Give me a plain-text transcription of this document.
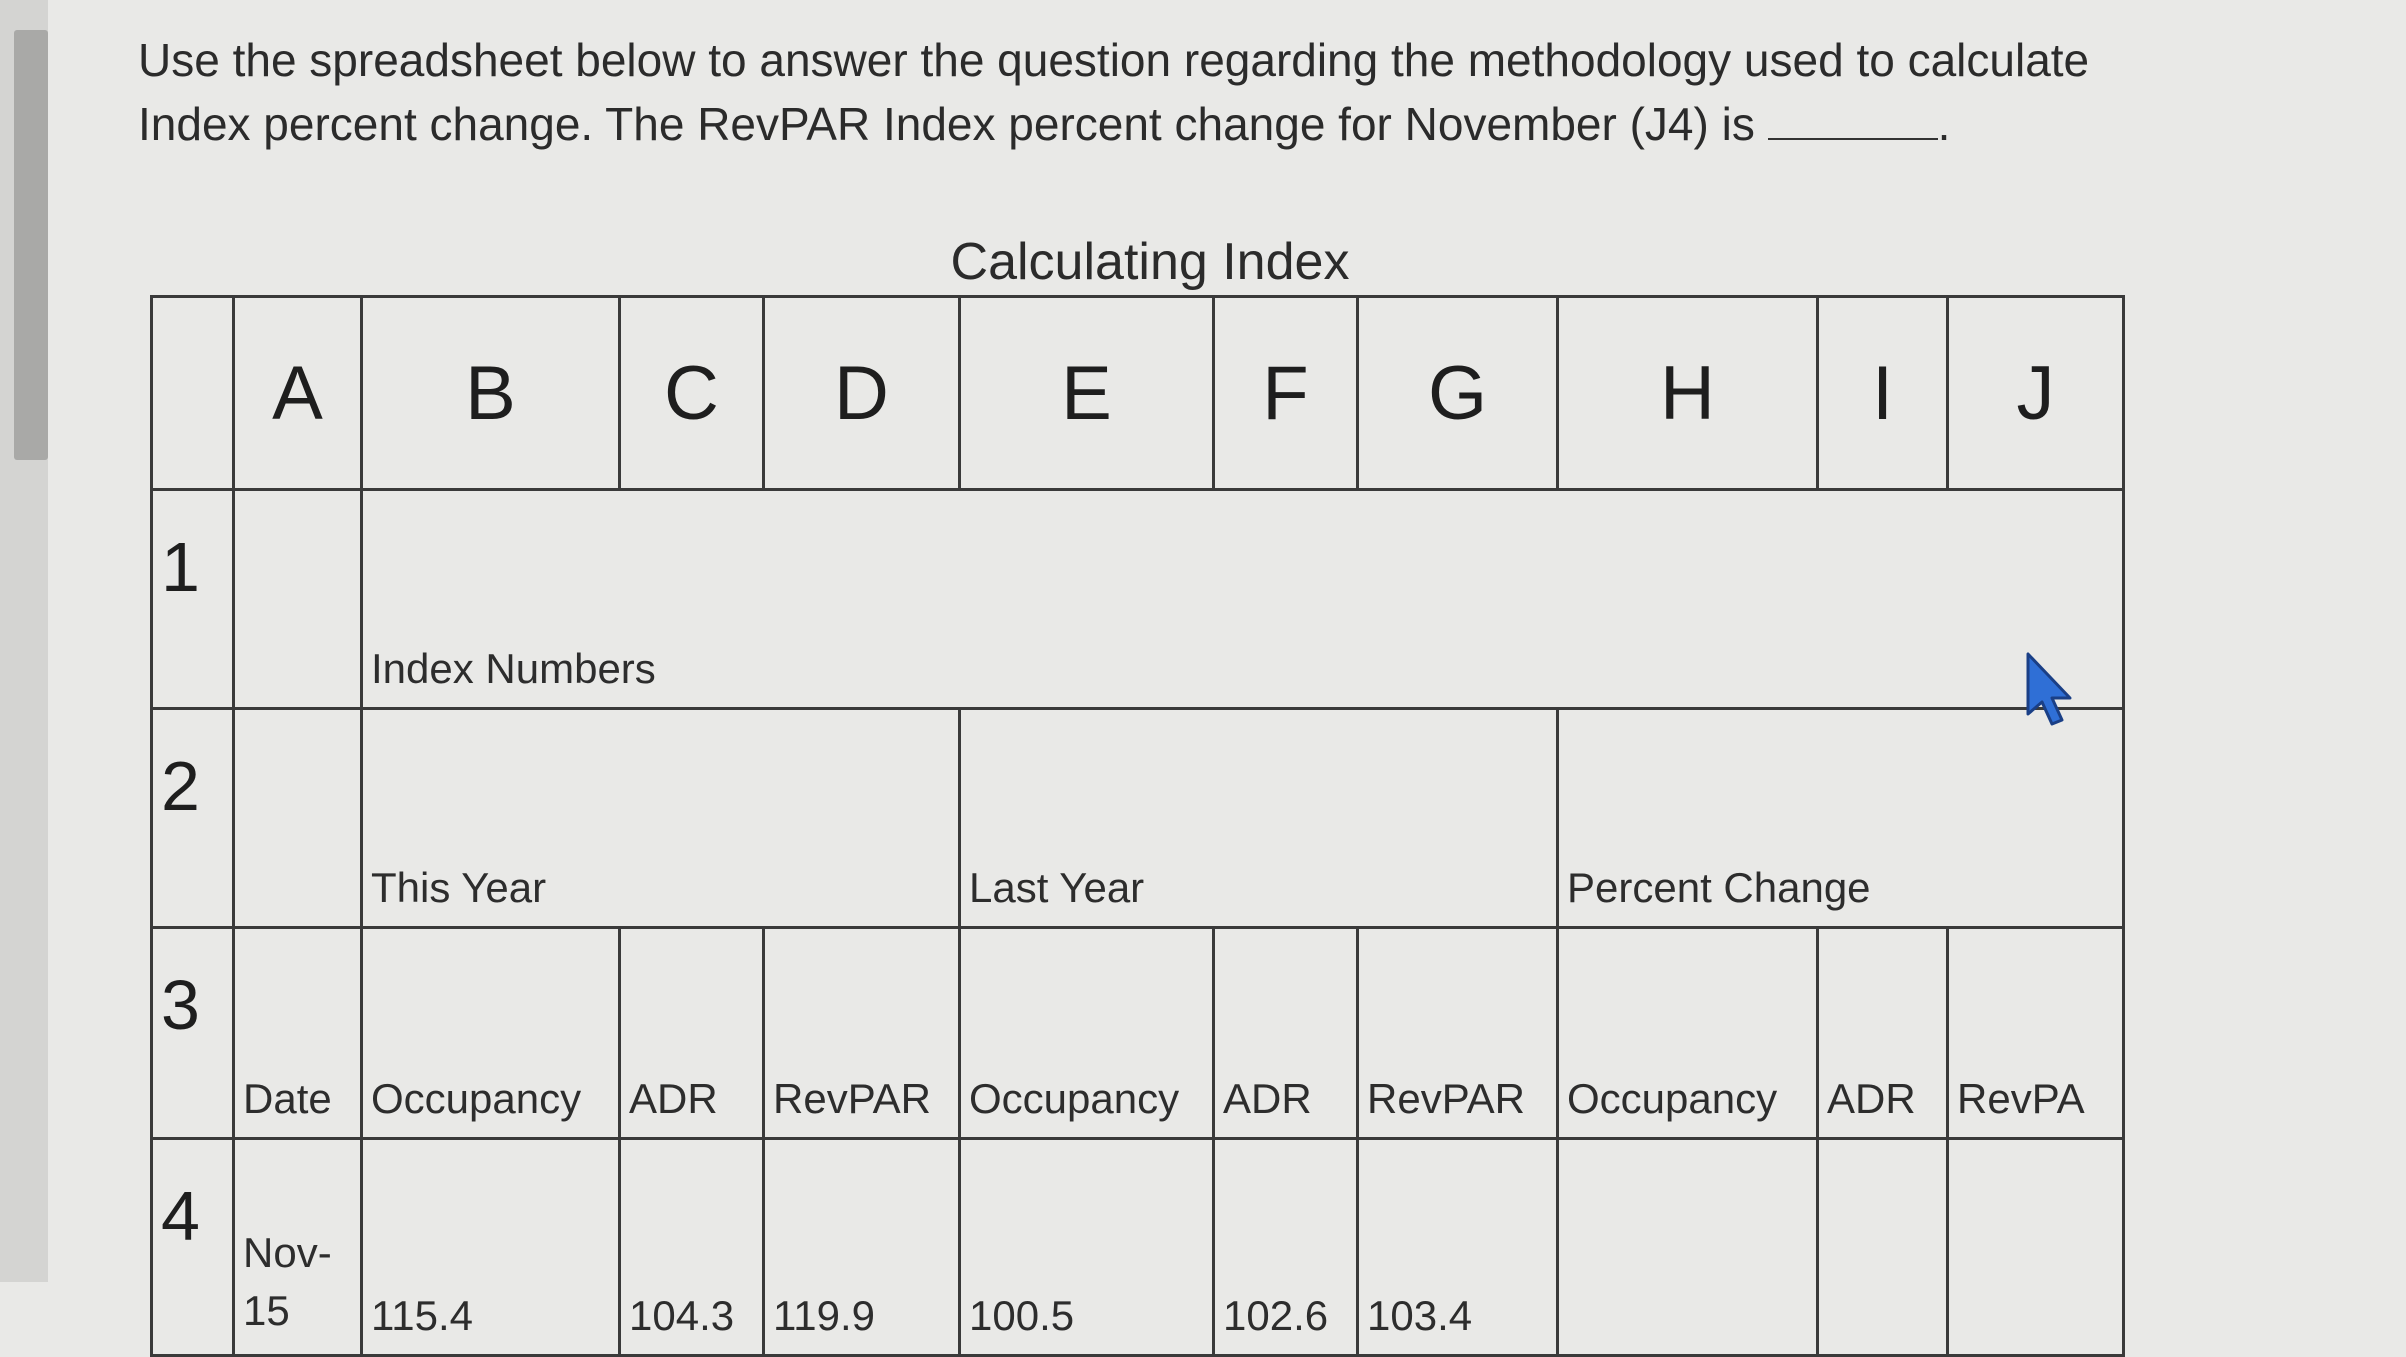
Use the spreadsheet below to answer the question regarding the methodology used to calculate Index percent change. The RevPAR Index percent change for November (J4) is	.
Calculating Index
	A	B	C	D	E	F	G	H	I	J
1		Index Numbers								
2		This Year			Last Year			Percent Change		
3	Date	Occupancy	ADR	RevPAR	Occupancy	ADR	RevPAR	Occupancy	ADR	RevPA
4	Nov-15	115.4	104.3	119.9	100.5	102.6	103.4			
